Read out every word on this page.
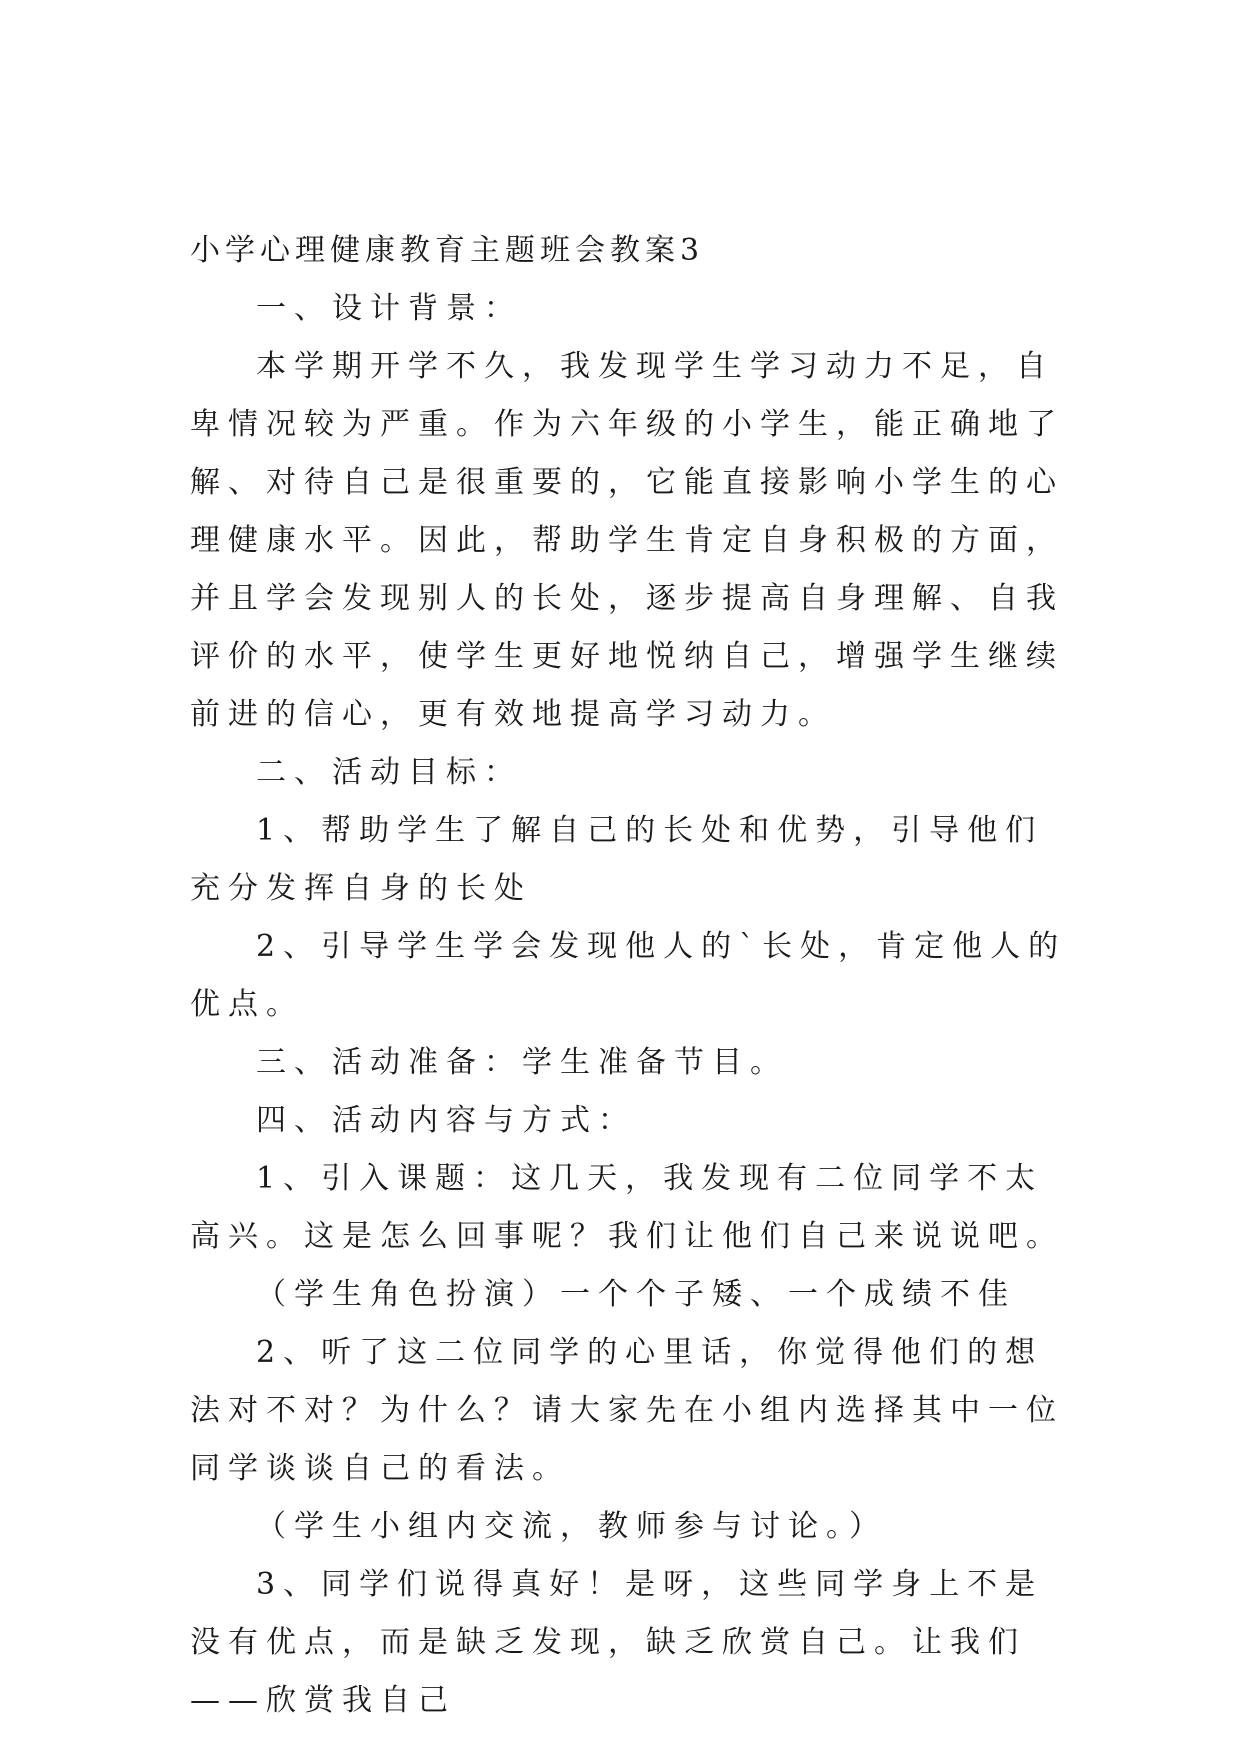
小学心理健康教育主题班会教案3

一、设计背景：

本学期开学不久，我发现学生学习动力不足，自卑情况较为严重。作为六年级的小学生，能正确地了解、对待自己是很重要的，它能直接影响小学生的心理健康水平。因此，帮助学生肯定自身积极的方面，并且学会发现别人的长处，逐步提高自身理解、自我评价的水平，使学生更好地悦纳自己，增强学生继续前进的信心，更有效地提高学习动力。

二、活动目标：

1、帮助学生了解自己的长处和优势，引导他们充分发挥自身的长处

2、引导学生学会发现他人的`长处，肯定他人的优点。

三、活动准备：学生准备节目。

四、活动内容与方式：

1、引入课题：这几天，我发现有二位同学不太高兴。这是怎么回事呢？我们让他们自己来说说吧。

（学生角色扮演）一个个子矮、一个成绩不佳

2、听了这二位同学的心里话，你觉得他们的想法对不对？为什么？请大家先在小组内选择其中一位同学谈谈自己的看法。

（学生小组内交流，教师参与讨论。）

3、同学们说得真好！是呀，这些同学身上不是没有优点，而是缺乏发现，缺乏欣赏自己。让我们——欣赏我自己
